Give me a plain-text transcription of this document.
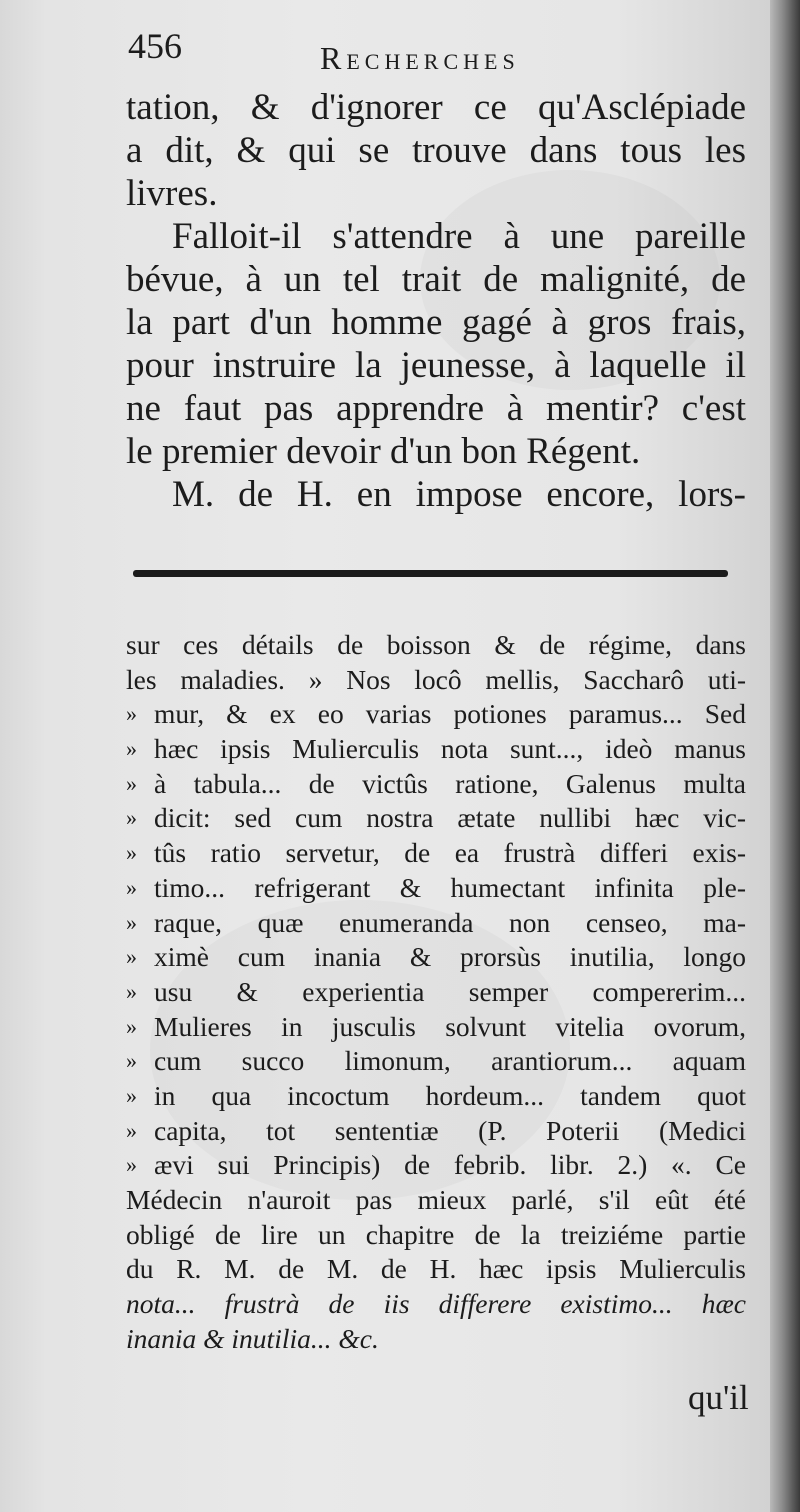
456	Recherches
tation, & d'ignorer ce qu'Asclépiade
a dit, & qui se trouve dans tous les
livres.
Falloit-il s'attendre à une pareille
bévue, à un tel trait de malignité, de
la part d'un homme gagé à gros frais,
pour instruire la jeunesse, à laquelle il
ne faut pas apprendre à mentir? c'est
le premier devoir d'un bon Régent.
M. de H. en impose encore, lors-
sur ces détails de boisson & de régime, dans
les maladies. » Nos locô mellis, Saccharô uti-
» mur, & ex eo varias potiones paramus... Sed
» hæc ipsis Mulierculis nota sunt..., ideò manus
» à tabula... de victûs ratione, Galenus multa
» dicit: sed cum nostra ætate nullibi hæc vic-
» tûs ratio servetur, de ea frustrà differi exis-
» timo... refrigerant & humectant infinita ple-
» raque, quæ enumeranda non censeo, ma-
» ximè cum inania & prorsùs inutilia, longo
» usu & experientia semper compererim...
» Mulieres in jusculis solvunt vitelia ovorum,
» cum succo limonum, arantiorum... aquam
» in qua incoctum hordeum... tandem quot
» capita, tot sententiæ (P. Poterii (Medici
» ævi sui Principis) de febrib. libr. 2.) «. Ce
Médecin n'auroit pas mieux parlé, s'il eût été
obligé de lire un chapitre de la treiziéme partie
du R. M. de M. de H. hæc ipsis Mulierculis
nota... frustrà de iis differere existimo... hæc
inania & inutilia... &c.
qu'il
